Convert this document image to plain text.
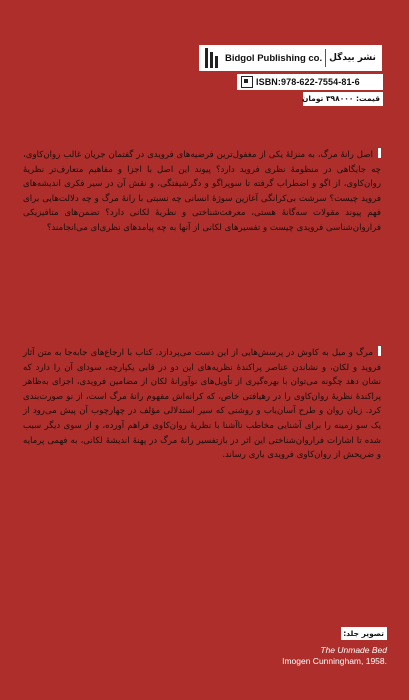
Bidgol Publishing co. نشر بیدگل
ISBN:978-622-7554-81-6
قیمت: ۳۹۸۰۰۰ تومان

اصل رانهٔ مرگ، به منزلهٔ یکی از مغفول‌ترین فرضیه‌های فرویدی در گفتمان جریان غالب روان‌کاوی، چه جایگاهی در منظومهٔ نظری فروید دارد؟ پیوند این اصل با اجزا و مفاهیم متعارف‌تر نظریهٔ روان‌کاوی، از اگو و اضطراب گرفته تا سوپراگو و دگرشیفتگی، و نقش آن در سیر فکری اندیشه‌های فروید چیست؟ سرشت بی‌کرانگی آغازین سوژهٔ انسانی چه نسبتی با رانهٔ مرگ و چه دلالت‌هایی برای فهم پیوند مقولات سه‌گانهٔ هستی، معرفت‌شناختی و نظریهٔ لکانی دارد؟ تضمن‌های متافیزیکی فراروان‌شناسی فرویدی چیست و تفسیرهای لکانی از آنها به چه پیامدهای نظری‌ای می‌انجامند؟

مرگ و میل به کاوش در پرسش‌هایی از این دست می‌پردازد. کتاب با ارجاع‌های جابه‌جا به متن آثار فروید و لکان، و نشاندن عناصر پراکندهٔ نظریه‌های این دو در قابی یکپارچه، سودای آن را دارد که نشان دهد چگونه می‌توان با بهره‌گیری از تأویل‌های نوآورانهٔ لکان از مضامین فرویدی، اجزای به‌ظاهر پراکندهٔ نظریهٔ روان‌کاوی را در رهیافتی خاص، که کرانه‌اش مفهوم رانهٔ مرگ است، از نو صورت‌بندی کرد. زبان روان و طرح آسان‌یاب و روشنی که سیر استدلالی مؤلف در چهارچوب آن پیش می‌رود از یک سو زمینه را برای آشنایی مخاطب ناآشنا با نظریهٔ روان‌کاوی فراهم آورده، و از سوی دیگر سبب شده تا اشارات فراروان‌شناختی این اثر در بازتفسیر رانهٔ مرگ در پهنهٔ اندیشهٔ لکانی، به فهمی پرمایه و ضریحش از روان‌کاوی فرویدی یاری رساند.

تصویر جلد:
The Unmade Bed
Imogen Cunningham, 1958.
